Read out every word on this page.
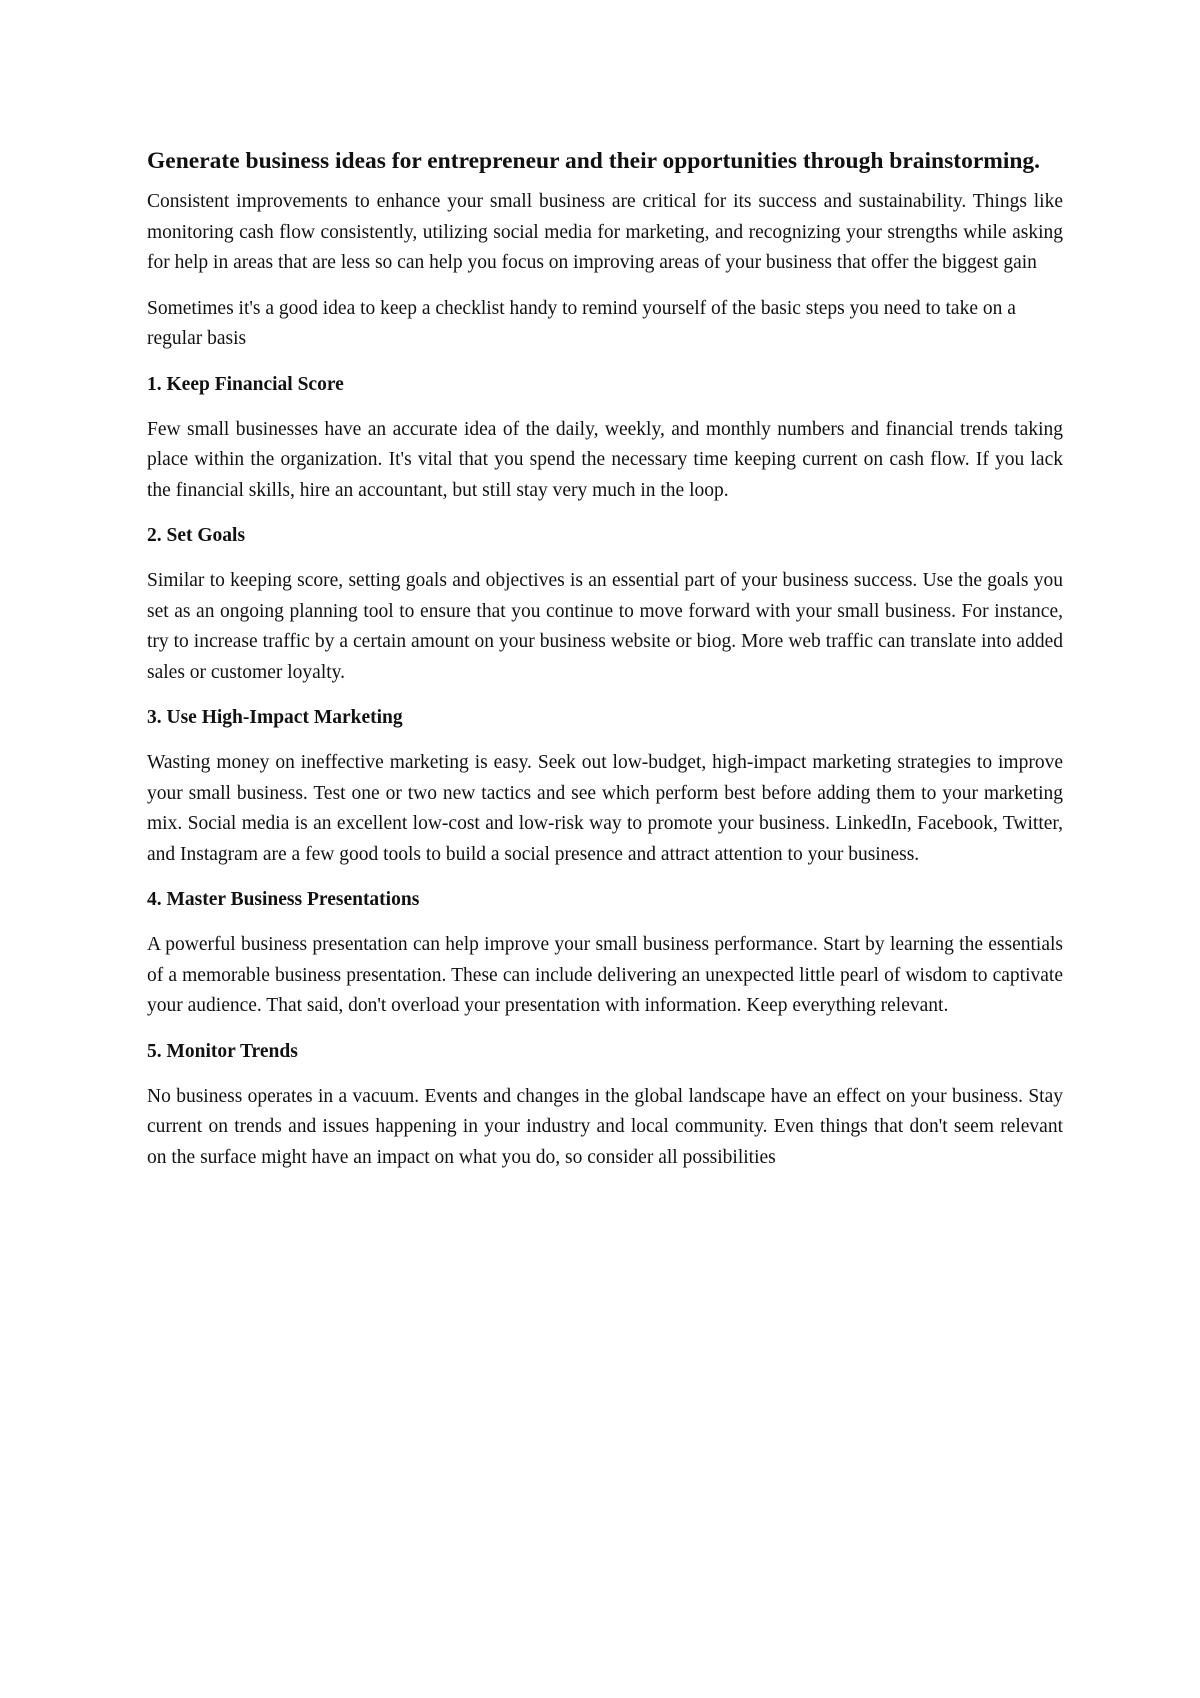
Generate business ideas for entrepreneur and their opportunities through brainstorming.

Consistent improvements to enhance your small business are critical for its success and sustainability. Things like monitoring cash flow consistently, utilizing social media for marketing, and recognizing your strengths while asking for help in areas that are less so can help you focus on improving areas of your business that offer the biggest gain

Sometimes it's a good idea to keep a checklist handy to remind yourself of the basic steps you need to take on a regular basis

1. Keep Financial Score

Few small businesses have an accurate idea of the daily, weekly, and monthly numbers and financial trends taking place within the organization. It's vital that you spend the necessary time keeping current on cash flow. If you lack the financial skills, hire an accountant, but still stay very much in the loop.

2. Set Goals

Similar to keeping score, setting goals and objectives is an essential part of your business success. Use the goals you set as an ongoing planning tool to ensure that you continue to move forward with your small business. For instance, try to increase traffic by a certain amount on your business website or biog. More web traffic can translate into added sales or customer loyalty.

3. Use High-Impact Marketing

Wasting money on ineffective marketing is easy. Seek out low-budget, high-impact marketing strategies to improve your small business. Test one or two new tactics and see which perform best before adding them to your marketing mix. Social media is an excellent low-cost and low-risk way to promote your business. LinkedIn, Facebook, Twitter, and Instagram are a few good tools to build a social presence and attract attention to your business.

4. Master Business Presentations

A powerful business presentation can help improve your small business performance. Start by learning the essentials of a memorable business presentation. These can include delivering an unexpected little pearl of wisdom to captivate your audience. That said, don't overload your presentation with information. Keep everything relevant.

5. Monitor Trends

No business operates in a vacuum. Events and changes in the global landscape have an effect on your business. Stay current on trends and issues happening in your industry and local community. Even things that don't seem relevant on the surface might have an impact on what you do, so consider all possibilities
